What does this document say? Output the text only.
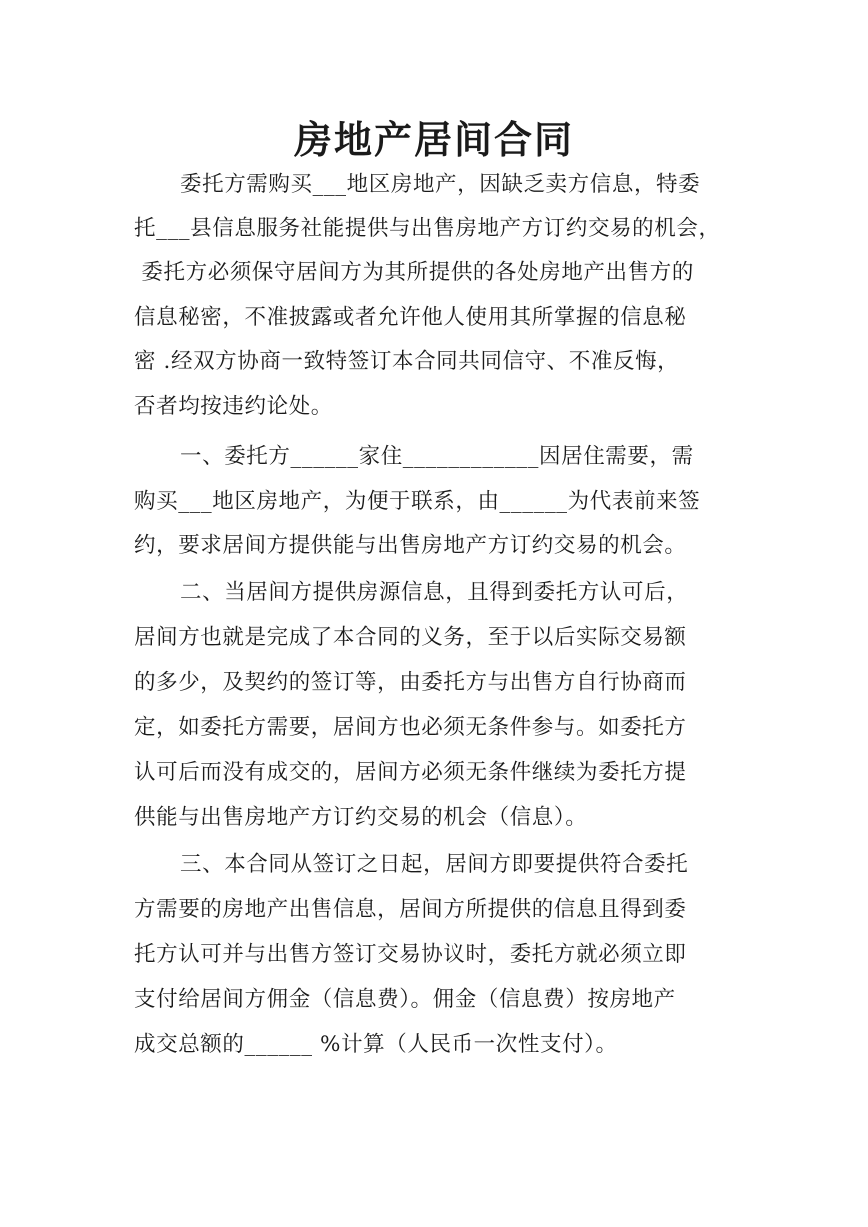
房地产居间合同
委托方需购买___地区房地产，因缺乏卖方信息，特委
托___县信息服务社能提供与出售房地产方订约交易的机会，
委托方必须保守居间方为其所提供的各处房地产出售方的
信息秘密，不准披露或者允许他人使用其所掌握的信息秘
密 .经双方协商一致特签订本合同共同信守、不准反悔，
否者均按违约论处。
一、委托方______家住____________因居住需要，需
购买___地区房地产，为便于联系，由______为代表前来签
约，要求居间方提供能与出售房地产方订约交易的机会。
二、当居间方提供房源信息，且得到委托方认可后，
居间方也就是完成了本合同的义务，至于以后实际交易额
的多少，及契约的签订等，由委托方与出售方自行协商而
定，如委托方需要，居间方也必须无条件参与。如委托方
认可后而没有成交的，居间方必须无条件继续为委托方提
供能与出售房地产方订约交易的机会（信息）。
三、本合同从签订之日起，居间方即要提供符合委托
方需要的房地产出售信息，居间方所提供的信息且得到委
托方认可并与出售方签订交易协议时，委托方就必须立即
支付给居间方佣金（信息费）。佣金（信息费）按房地产
成交总额的______ %计算（人民币一次性支付）。
